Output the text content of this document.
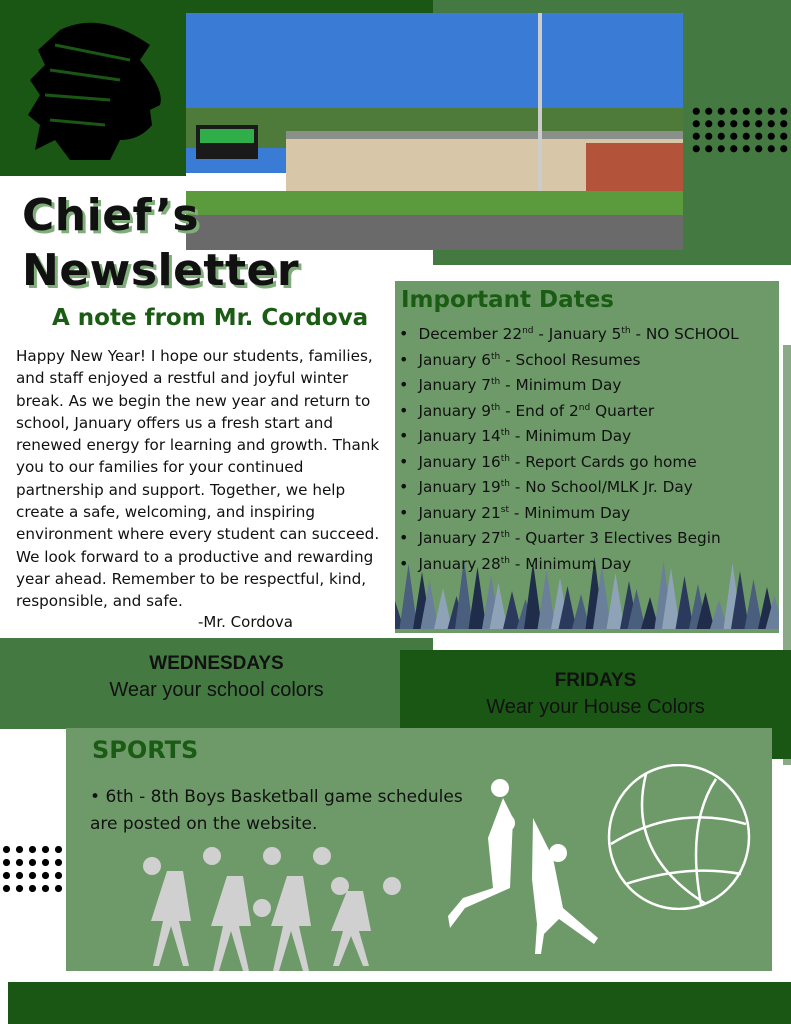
Chief’s
Newsletter
A note from Mr. Cordova
Happy New Year! I hope our students, families, and staff enjoyed a restful and joyful winter break. As we begin the new year and return to school, January offers us a fresh start and renewed energy for learning and growth. Thank you to our families for your continued partnership and support. Together, we help create a safe, welcoming, and inspiring environment where every student can succeed. We look forward to a productive and rewarding year ahead. Remember to be respectful, kind, responsible, and safe.
-Mr. Cordova
Important Dates
• December 22nd - January 5th - NO SCHOOL
• January 6th - School Resumes
• January 7th - Minimum Day
• January 9th - End of 2nd Quarter
• January 14th - Minimum Day
• January 16th - Report Cards go home
• January 19th - No School/MLK Jr. Day
• January 21st - Minimum Day
• January 27th - Quarter 3 Electives Begin
• January 28th - Minimum Day
WEDNESDAYS
Wear your school colors	FRIDAYS
Wear your House Colors
SPORTS

• 6th - 8th Boys Basketball game schedules are posted on the website.
